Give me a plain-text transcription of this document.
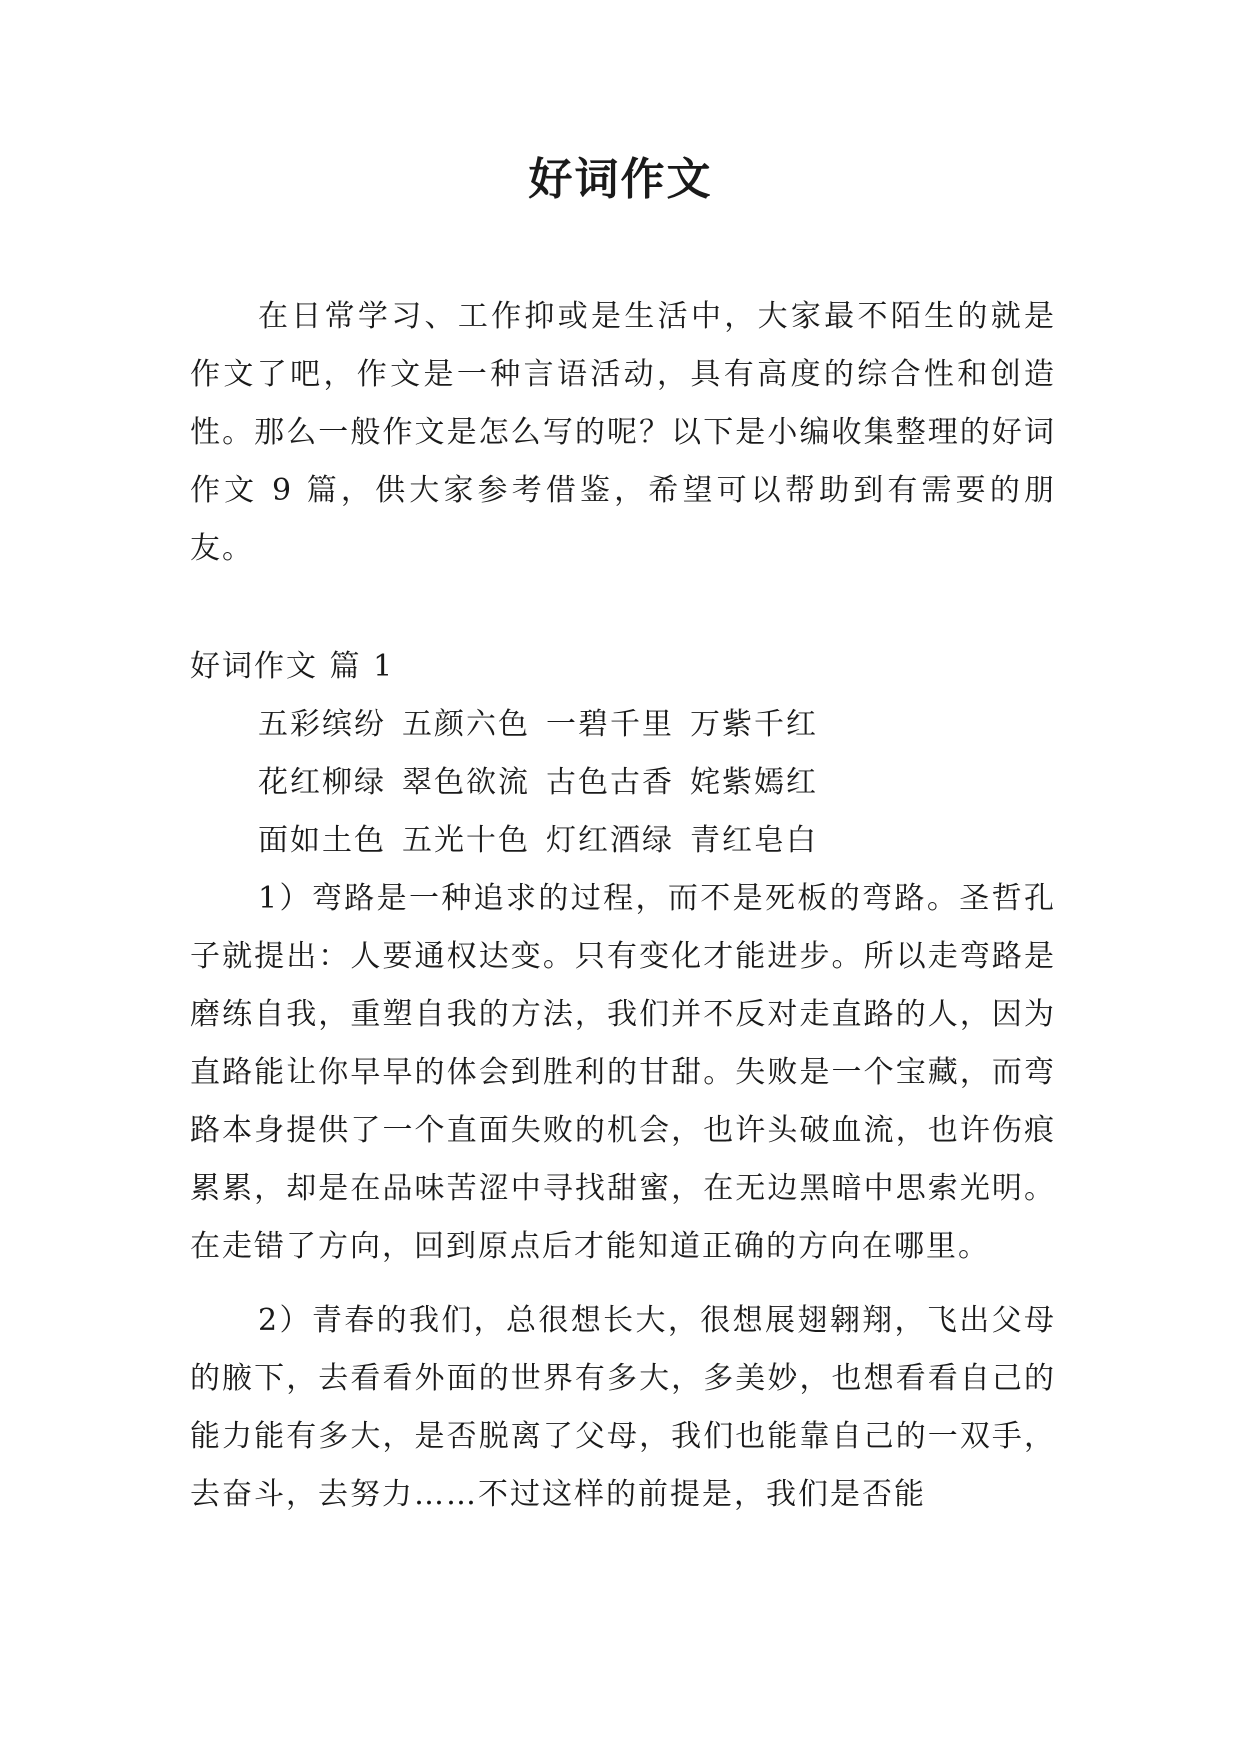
好词作文

在日常学习、工作抑或是生活中，大家最不陌生的就是作文了吧，作文是一种言语活动，具有高度的综合性和创造性。那么一般作文是怎么写的呢？以下是小编收集整理的好词作文 9 篇，供大家参考借鉴，希望可以帮助到有需要的朋友。

好词作文 篇 1

五彩缤纷 五颜六色 一碧千里 万紫千红

花红柳绿 翠色欲流 古色古香 姹紫嫣红

面如土色 五光十色 灯红酒绿 青红皂白

1）弯路是一种追求的过程，而不是死板的弯路。圣哲孔子就提出：人要通权达变。只有变化才能进步。所以走弯路是磨练自我，重塑自我的方法，我们并不反对走直路的人，因为直路能让你早早的体会到胜利的甘甜。失败是一个宝藏，而弯路本身提供了一个直面失败的机会，也许头破血流，也许伤痕累累，却是在品味苦涩中寻找甜蜜，在无边黑暗中思索光明。在走错了方向，回到原点后才能知道正确的方向在哪里。

2）青春的我们，总很想长大，很想展翅翱翔，飞出父母的腋下，去看看外面的世界有多大，多美妙，也想看看自己的能力能有多大，是否脱离了父母，我们也能靠自己的一双手，去奋斗，去努力……不过这样的前提是，我们是否能
